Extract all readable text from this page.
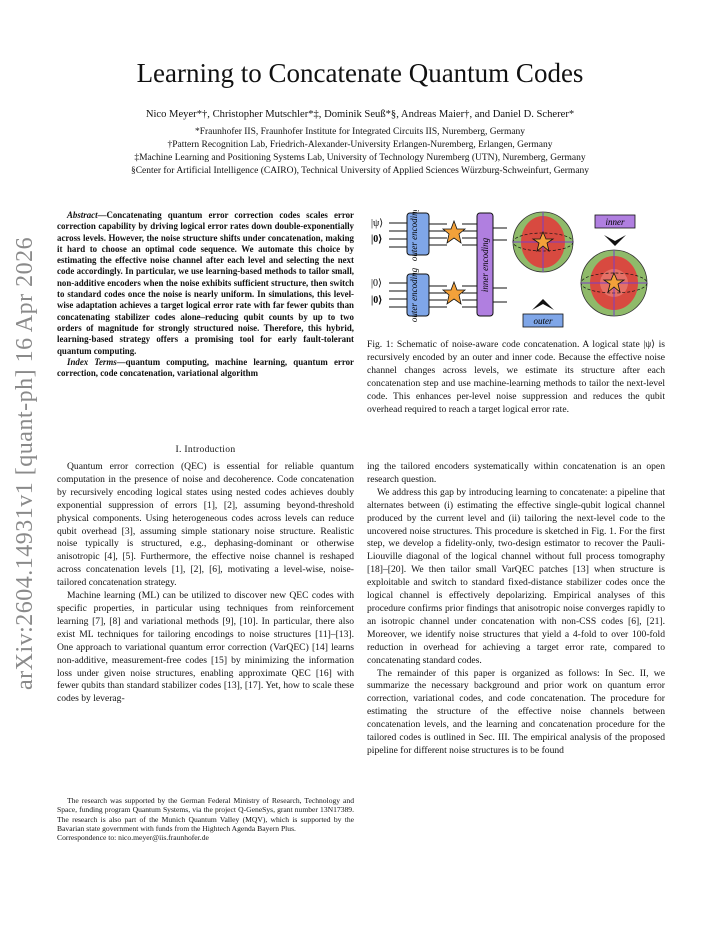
arXiv:2604.14931v1 [quant-ph] 16 Apr 2026
Learning to Concatenate Quantum Codes
Nico Meyer*†, Christopher Mutschler*‡, Dominik Seuß*§, Andreas Maier†, and Daniel D. Scherer*
*Fraunhofer IIS, Fraunhofer Institute for Integrated Circuits IIS, Nuremberg, Germany
†Pattern Recognition Lab, Friedrich-Alexander-University Erlangen-Nuremberg, Erlangen, Germany
‡Machine Learning and Positioning Systems Lab, University of Technology Nuremberg (UTN), Nuremberg, Germany
§Center for Artificial Intelligence (CAIRO), Technical University of Applied Sciences Würzburg-Schweinfurt, Germany

Abstract—Concatenating quantum error correction codes scales error correction capability by driving logical error rates down double-exponentially across levels. However, the noise structure shifts under concatenation, making it hard to choose an optimal code sequence. We automate this choice by estimating the effective noise channel after each level and selecting the next code accordingly. In particular, we use learning-based methods to tailor small, non-additive encoders when the noise exhibits sufficient structure, then switch to standard codes once the noise is nearly uniform. In simulations, this level-wise adaptation achieves a target logical error rate with far fewer qubits than concatenating stabilizer codes alone–reducing qubit counts by up to two orders of magnitude for strongly structured noise. Therefore, this hybrid, learning-based strategy offers a promising tool for early fault-tolerant quantum computing.

Index Terms—quantum computing, machine learning, quantum error correction, code concatenation, variational algorithm

I. Introduction

Quantum error correction (QEC) is essential for reliable quantum computation in the presence of noise and decoherence. Code concatenation by recursively encoding logical states using nested codes achieves doubly exponential suppression of errors [1], [2], assuming beyond-threshold physical components. Using heterogeneous codes across levels can reduce qubit overhead [3], assuming simple stationary noise structure. Realistic noise typically is structured, e.g., dephasing-dominant or otherwise anisotropic [4], [5]. Furthermore, the effective noise channel is reshaped across concatenation levels [1], [2], [6], motivating a level-wise, noise-tailored concatenation strategy.

Machine learning (ML) can be utilized to discover new QEC codes with specific properties, in particular using techniques from reinforcement learning [7], [8] and variational methods [9], [10]. In particular, there also exist ML techniques for tailoring encodings to noise structures [11]–[13]. One approach to variational quantum error correction (VarQEC) [14] learns non-additive, measurement-free codes [15] by minimizing the information loss under given noise structures, enabling approximate QEC [16] with fewer qubits than standard stabilizer codes [13], [17]. Yet, how to scale these codes by leverag-

The research was supported by the German Federal Ministry of Research, Technology and Space, funding program Quantum Systems, via the project Q-GeneSys, grant number 13N17389. The research is also part of the Munich Quantum Valley (MQV), which is supported by the Bavarian state government with funds from the Hightech Agenda Bayern Plus.

Correspondence to: nico.meyer@iis.fraunhofer.de

|ψ⟩
|0⟩
|0⟩
|0⟩
outer encoding
outer encoding
inner encoding
inner
outer
Fig. 1: Schematic of noise-aware code concatenation. A logical state |ψ⟩ is recursively encoded by an outer and inner code. Because the effective noise channel changes across levels, we estimate its structure after each concatenation step and use machine-learning methods to tailor the next-level code. This enhances per-level noise suppression and reduces the qubit overhead required to reach a target logical error rate.

ing the tailored encoders systematically within concatenation is an open research question.

We address this gap by introducing learning to concatenate: a pipeline that alternates between (i) estimating the effective single-qubit logical channel produced by the current level and (ii) tailoring the next-level code to the uncovered noise structures. This procedure is sketched in Fig. 1. For the first step, we develop a fidelity-only, two-design estimator to recover the Pauli-Liouville diagonal of the logical channel without full process tomography [18]–[20]. We then tailor small VarQEC patches [13] when structure is exploitable and switch to standard fixed-distance stabilizer codes once the logical channel is effectively depolarizing. Empirical analyses of this procedure confirms prior findings that anisotropic noise converges rapidly to an isotropic channel under concatenation with non-CSS codes [6], [21]. Moreover, we identify noise structures that yield a 4-fold to over 100-fold reduction in overhead for achieving a target error rate, compared to concatenating standard codes.

The remainder of this paper is organized as follows: In Sec. II, we summarize the necessary background and prior work on quantum error correction, variational codes, and code concatenation. The procedure for estimating the structure of the effective noise channels between concatenation levels, and the learning and concatenation procedure for the tailored codes is outlined in Sec. III. The empirical analysis of the proposed pipeline for different noise structures is to be found
